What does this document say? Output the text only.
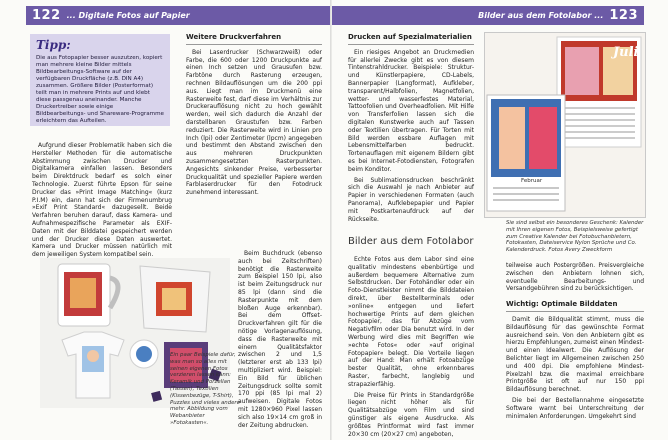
122 ... Digitale Fotos auf Papier
Tipp:
Die aus Fotopapier besser auszutzen, kopiert man mehrere kleine Bilder mittels Bildbearbeitungs-Software auf der verfügbaren Druckfläche (z.B. DIN A4) zusammen. Größere Bilder (Posterformat) teilt man in mehrere Prints auf und klebt diese passgenau aneinander. Manche Druckertreiber sowie einige Bildbearbeitungs- und Shareware-Programme erleichtern das Aufteilen.

Aufgrund dieser Problematik haben sich die Hersteller Methoden für die automatische Abstimmung zwischen Drucker und Digitalkamera einfallen lassen. Besonders beim Direktdruck bedarf es solch einer Technologie. Zuerst führte Epson für seine Drucker das »Print Image Matching« (kurz P.I.M) ein, dann hat sich der Firmenumbrug »Exif Print Standard« dazugesellt. Beide Verfahren beruhen darauf, dass Kamera- und Aufnahmespezifische Parameter als EXIF-Daten mit der Bilddatei gespeichert werden und der Drucker diese Daten auswertet. Kamera und Drucker müssen natürlich mit dem jeweiligen System kompatibel sein.

Weitere Druckverfahren

Bei Laserdrucker (Schwarzweiß) oder Farbe, die 600 oder 1200 Druckpunkte auf einen Inch setzen und Grausufen bzw. Farbtöne durch Rasterung erzeugen, rechnen Bildauflösungen um die 200 ppi aus. Liegt man im Druckmenü eine Rasterweite fest, darf diese im Verhältnis zur Druckerauflösung nicht zu hoch gewählt werden, weil sich dadurch die Anzahl der darstellbaren Graustufen bzw. Farben reduziert. Die Rasterweite wird in Linien pro Inch (lpi) oder Zentimeter (lpcm) angegeben und bestimmt den Abstand zwischen den aus mehreren Druckpunkten zusammengesetzten Rasterpunkten. Angesichts sinkender Preise, verbesserter Druckqualität und spezieller Papiere werden Farblaserdrucker für den Fotodruck zunehmend interessant.

Beim Buchdruck (ebenso auch bei Zeitschriften) benötigt die Rasterweite zum Beispiel 150 lpi, also ist beim Zeitungsdruck nur 85 lpi (dann sind die Rasterpunkte mit dem bloßen Auge erkennbar). Bei dem Offset-Druckverfahren gilt für die nötige Vorlagenauflösung, dass die Rasterweite mit einem Qualitätsfaktor zwischen 2 und 1,5 (letzterer erst ab 133 lpi) multipliziert wird. Beispiel: Ein Bild für üblichen Zeitungsdruck sollte somit 170 ppi (85 lpi mal 2) aufweisen. Digitale Fotos mit 1280×960 Pixel lassen sich also 19×14 cm groß in der Zeitung abdrucken.

Ein paar Beispiele dafür, was man so alles mit seinen eigenen Fotos verzieren lassen kann: Keramik und Porzellan (Tassen), Textilien (Kissenbezüge, T-Shirt), Puzzles und vieles andere mehr. Abbildung vom Webanbieter »Fotokasten«.
Bilder aus dem Fotolabor ... 123
Drucken auf Spezialmaterialien

Ein riesiges Angebot an Druckmedien für allerlei Zwecke gibt es von diesem Tintenstrahldrucker. Beispiele: Struktur- und Künstlerpapiere, CD-Labels, Bannerpapier (Langformat), Aufkleber, transparent/Halbfolien, Magnetfolien, wetter- und wasserfestes Material, Tattoofolien und Overheadfolien. Mit Hilfe von Transferfolien lassen sich die digitalen Kunstwerke auch auf Tassen oder Textilien übertragen. Für Torten mit Bild werden essbare Auflagen mit Lebensmittelfarben bedruckt. Tortenauflagen mit eigenem Bildern gibt es bei Internet-Fotodiensten, Fotografen beim Konditor.

Bei Sublimationsdrucken beschränkt sich die Auswahl je nach Anbieter auf Papier in verschiedenen Formaten (auch Panorama), Aufklebepapier und Papier mit Postkartenaufdruck auf der Rückseite.

Bilder aus dem Fotolabor

Echte Fotos aus dem Labor sind eine qualitativ mindestens ebenbürtige und außerdem bequemere Alternative zum Selbstdrucken. Der Fotohändler oder ein Foto-Dienstleister nimmt die Bilddateien direkt, über Bestellterminals oder »online« entgegen und liefert hochwertige Prints auf dem gleichen Fotopapier, das für Abzüge vom Negativfilm oder Dia benutzt wird. In der Werbung wird dies mit Begriffen wie »echte Fotos« oder »auf original Fotopapier« belegt. Die Vorteile liegen auf der Hand: Man erhält Fotoabzüge bester Qualität, ohne erkennbares Raster, farbecht, langlebig und strapazierfähig.

Die Preise für Prints in Standardgröße liegen nicht höher als für Qualitätsabzüge vom Film und sind günstiger als eigene Ausdrucke. Als größtes Printformat wird fast immer 20×30 cm (20×27 cm) angeboten,

Juli
Februar
Sie sind selbst ein besonderes Geschenk: Kalender mit Ihren eigenen Fotos, Beispielsweise gefertigt zum Creative Kalender bei Fotobuchanbietern, Fotokasten, Dateiservice Nylon Sprüche und Co. Kalenderdruck. Fotos Avery Zweckform

teilweise auch Postergrößen. Preisvergleiche zwischen den Anbietern lohnen sich, eventuelle Bearbeitungs- und Versandgebühren sind zu berücksichtigen.

Wichtig: Optimale Bilddaten

Damit die Bildqualität stimmt, muss die Bildauflösung für das gewünschte Format ausreichend sein. Von den Anbietern gibt es hierzu Empfehlungen, zumeist einen Mindest- und einen Idealwert. Die Auflösung der Belichter liegt im Allgemeinen zwischen 250 und 400 dpi. Die empfohlene Mindest-Pixelzahl bzw. die maximal erreichbare Printgröße ist oft auf nur 150 ppi Bildauflösung berechnet.

Die bei der Bestellannahme eingesetzte Software warnt bei Unterschreitung der minimalen Anforderungen. Umgekehrt sind
